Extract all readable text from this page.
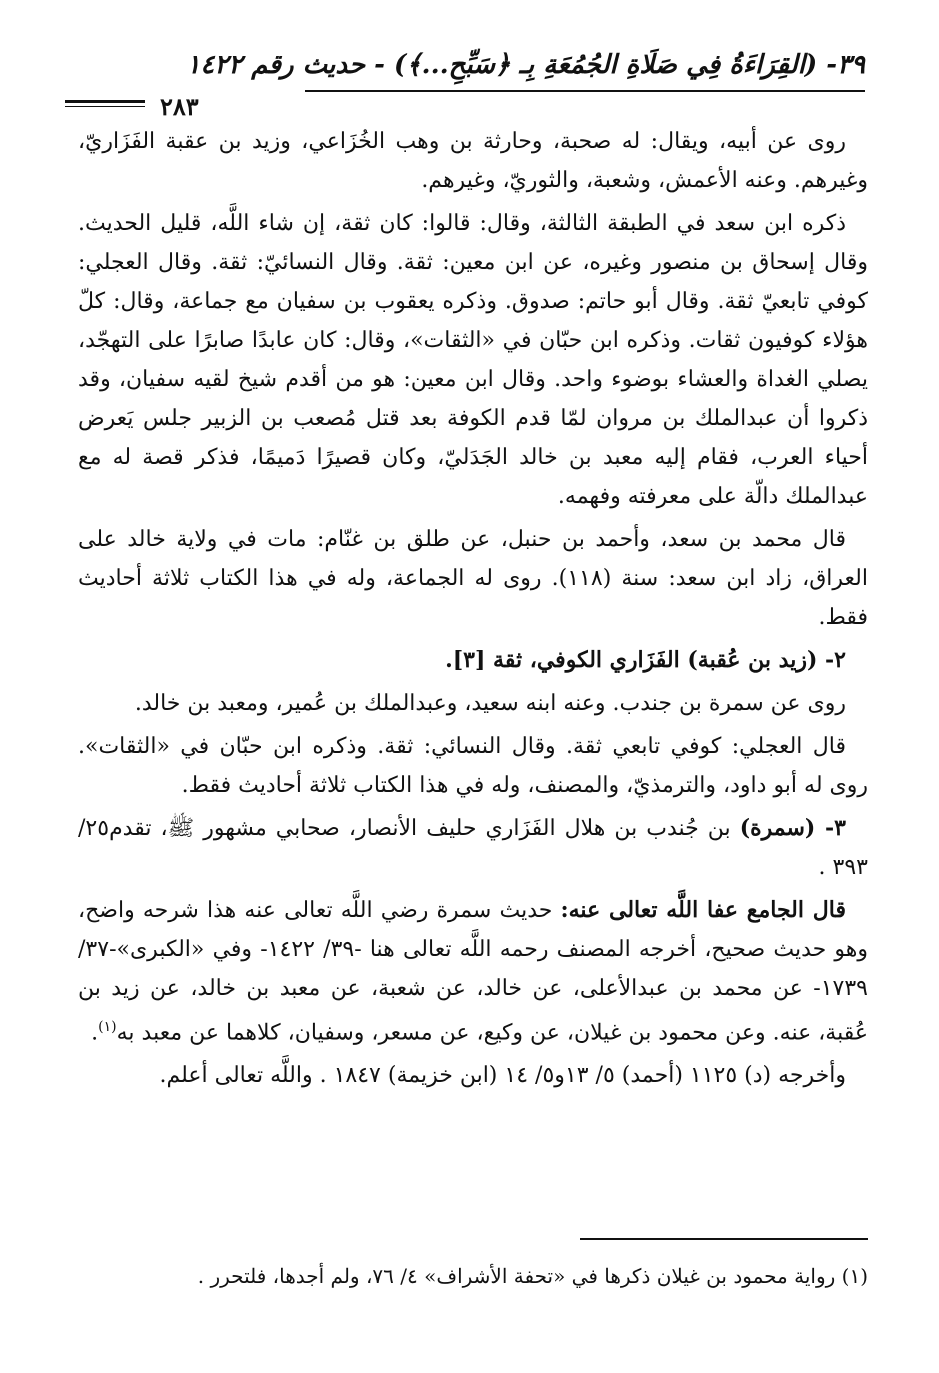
٣٩- (القِرَاءَةُ فِي صَلَاةِ الجُمُعَةِ بِـ ﴿سَبِّحِ...﴾) - حديث رقم ١٤٢٢
٢٨٣

روى عن أبيه، ويقال: له صحبة، وحارثة بن وهب الخُزَاعي، وزيد بن عقبة الفَزَاريّ، وغيرهم. وعنه الأعمش، وشعبة، والثوريّ، وغيرهم.

ذكره ابن سعد في الطبقة الثالثة، وقال: قالوا: كان ثقة، إن شاء اللَّه، قليل الحديث. وقال إسحاق بن منصور وغيره، عن ابن معين: ثقة. وقال النسائيّ: ثقة. وقال العجلي: كوفي تابعيّ ثقة. وقال أبو حاتم: صدوق. وذكره يعقوب بن سفيان مع جماعة، وقال: كلّ هؤلاء كوفيون ثقات. وذكره ابن حبّان في «الثقات»، وقال: كان عابدًا صابرًا على التهجّد، يصلي الغداة والعشاء بوضوء واحد. وقال ابن معين: هو من أقدم شيخ لقيه سفيان، وقد ذكروا أن عبدالملك بن مروان لمّا قدم الكوفة بعد قتل مُصعب بن الزبير جلس يَعرض أحياء العرب، فقام إليه معبد بن خالد الجَدَليّ، وكان قصيرًا دَميمًا، فذكر قصة له مع عبدالملك دالّة على معرفته وفهمه.

قال محمد بن سعد، وأحمد بن حنبل، عن طلق بن غنّام: مات في ولاية خالد على العراق، زاد ابن سعد: سنة (١١٨). روى له الجماعة، وله في هذا الكتاب ثلاثة أحاديث فقط.

٢- (زيد بن عُقبة) الفَزَاري الكوفي، ثقة [٣].

روى عن سمرة بن جندب. وعنه ابنه سعيد، وعبدالملك بن عُمير، ومعبد بن خالد.

قال العجلي: كوفي تابعي ثقة. وقال النسائي: ثقة. وذكره ابن حبّان في «الثقات». روى له أبو داود، والترمذيّ، والمصنف، وله في هذا الكتاب ثلاثة أحاديث فقط.

٣- (سمرة) بن جُندب بن هلال الفَزَاري حليف الأنصار، صحابي مشهور ﷺ، تقدم٢٥/ ٣٩٣ .

قال الجامع عفا اللَّه تعالى عنه: حديث سمرة رضي اللَّه تعالى عنه هذا شرحه واضح، وهو حديث صحيح، أخرجه المصنف رحمه اللَّه تعالى هنا -٣٩/ ١٤٢٢- وفي «الكبرى»-٣٧/ ١٧٣٩- عن محمد بن عبدالأعلى، عن خالد، عن شعبة، عن معبد بن خالد، عن زيد بن عُقبة، عنه. وعن محمود بن غيلان، عن وكيع، عن مسعر، وسفيان، كلاهما عن معبد به$^{(١)}$.

وأخرجه (د) ١١٢٥ (أحمد) ٥/ ١٣و٥/ ١٤ (ابن خزيمة) ١٨٤٧ . واللَّه تعالى أعلم.

(١) رواية محمود بن غيلان ذكرها في «تحفة الأشراف» ٤/ ٧٦، ولم أجدها، فلتحرر .
